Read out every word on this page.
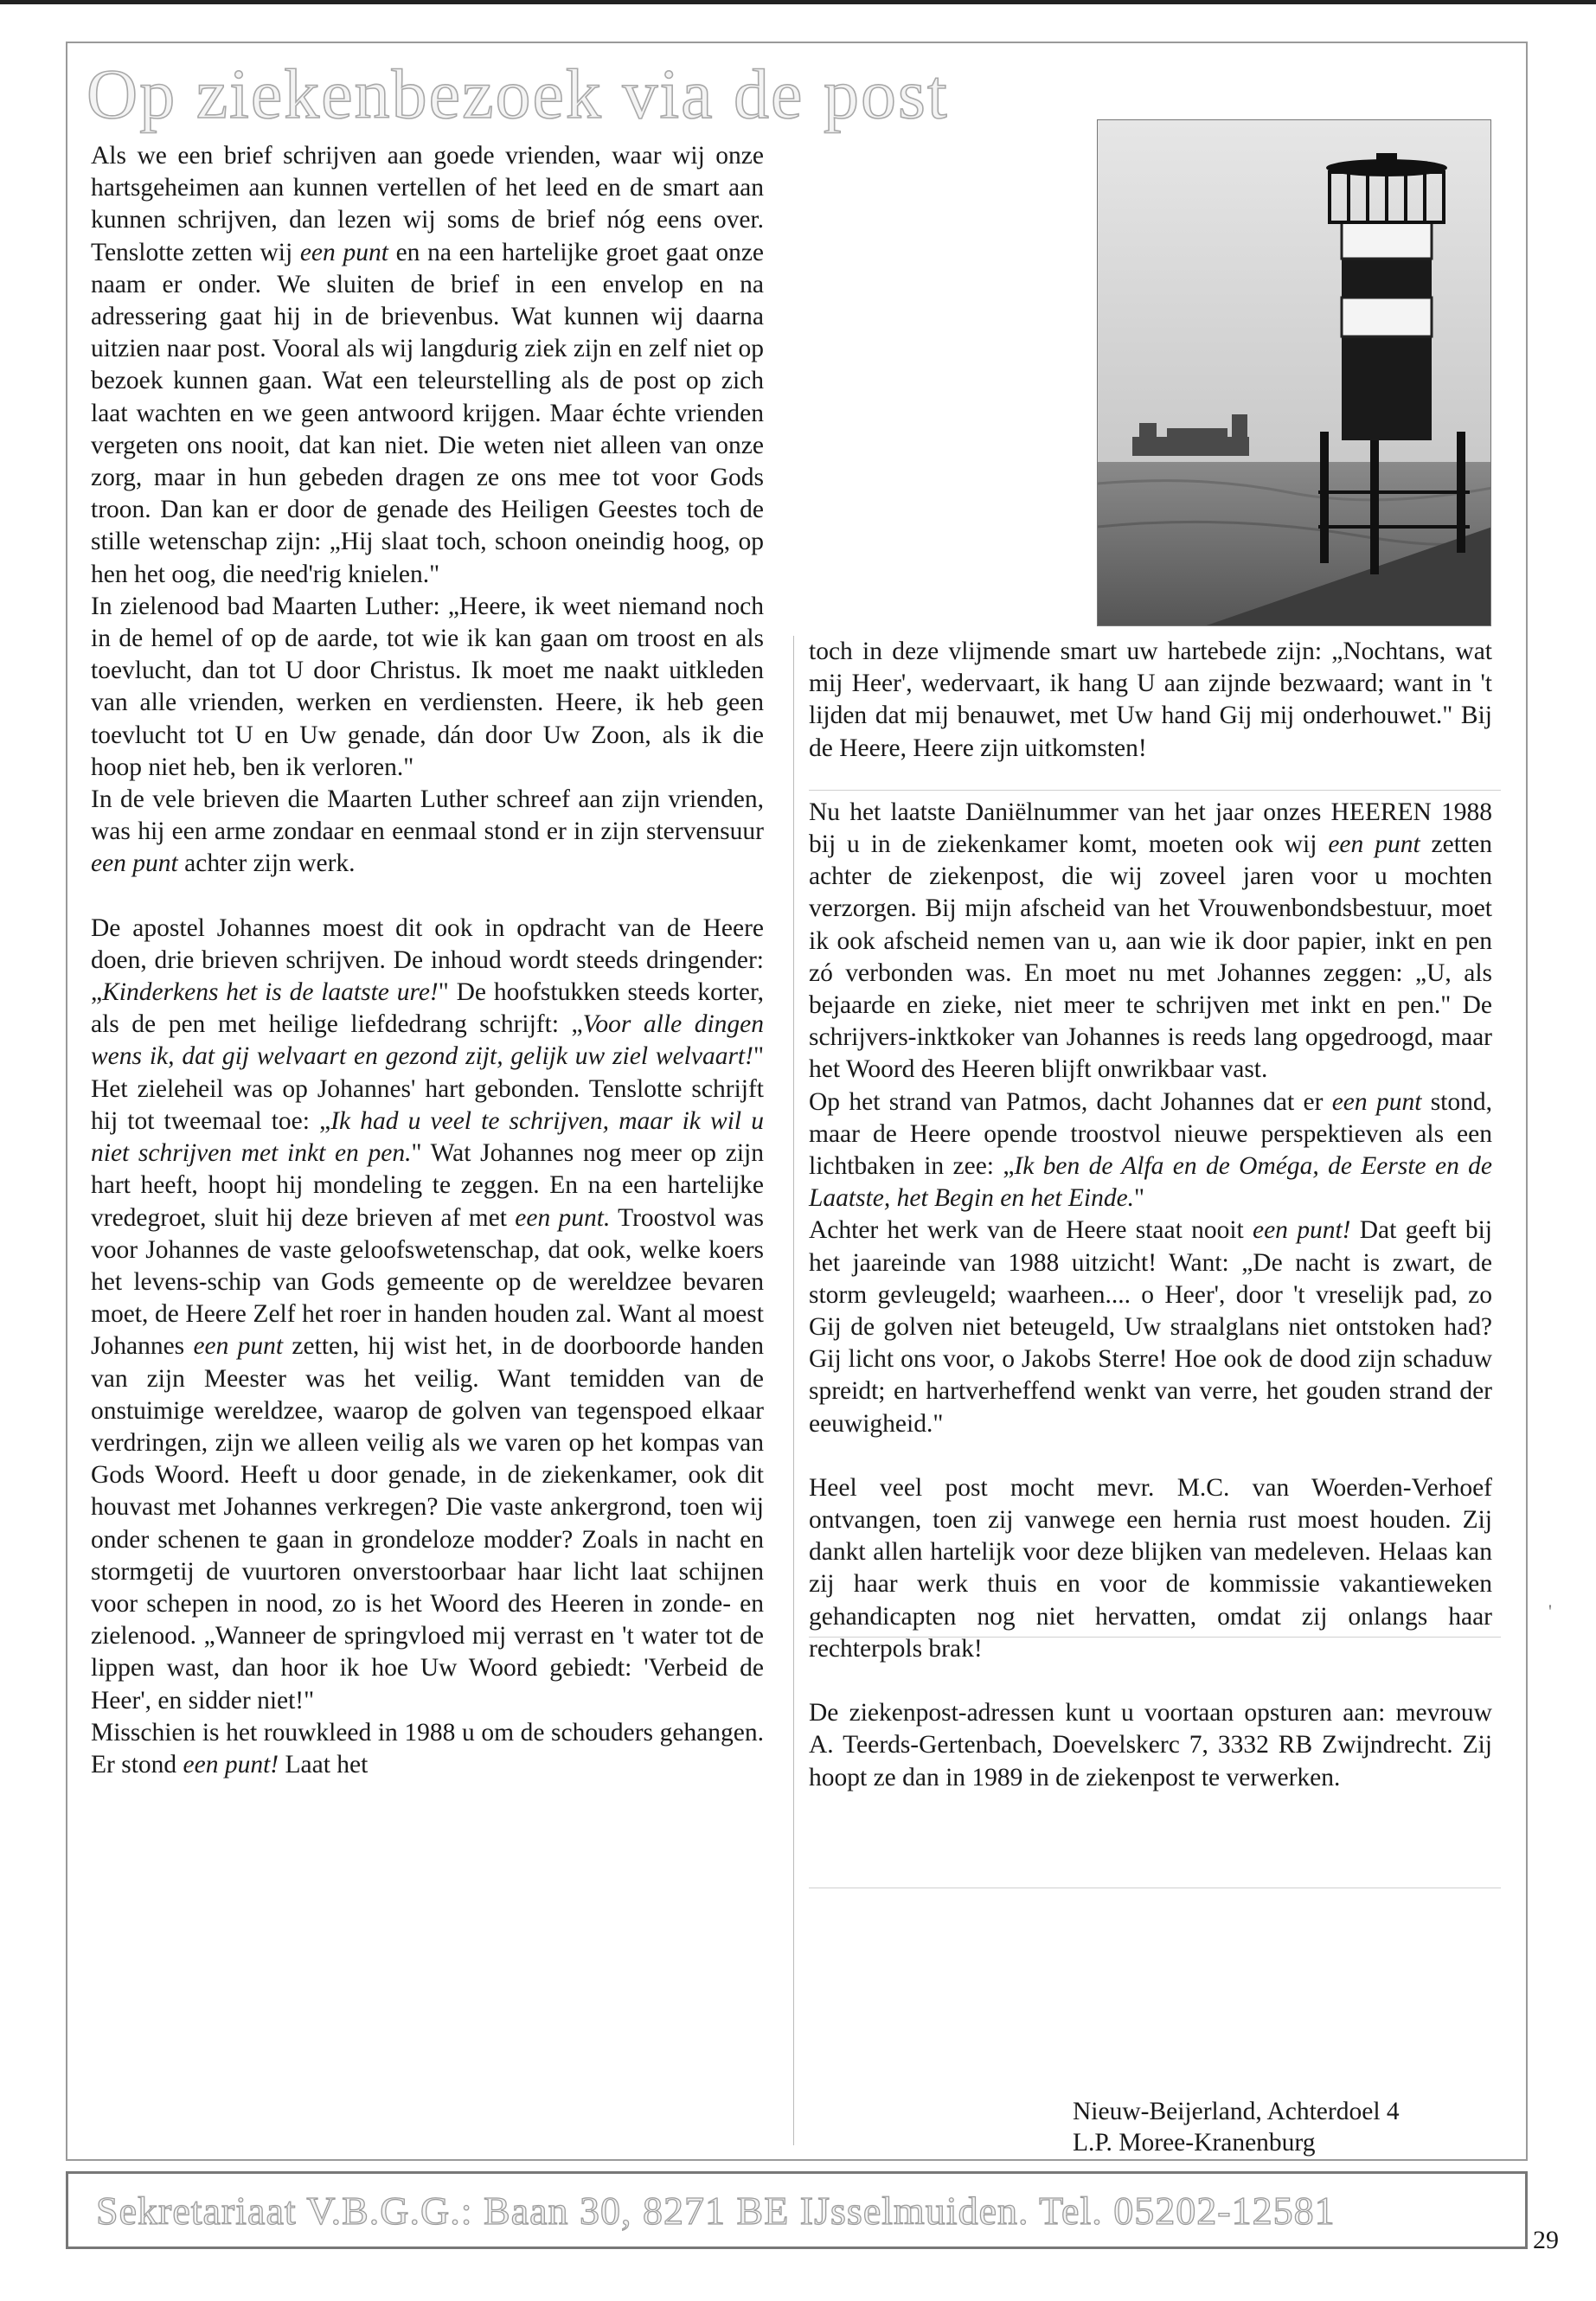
Op ziekenbezoek via de post

Als we een brief schrijven aan goede vrienden, waar wij onze hartsgeheimen aan kunnen vertellen of het leed en de smart aan kunnen schrijven, dan lezen wij soms de brief nóg eens over. Tenslotte zetten wij een punt en na een hartelijke groet gaat onze naam er onder. We sluiten de brief in een envelop en na adressering gaat hij in de brievenbus. Wat kunnen wij daarna uitzien naar post. Vooral als wij langdurig ziek zijn en zelf niet op bezoek kunnen gaan. Wat een teleurstelling als de post op zich laat wachten en we geen antwoord krijgen. Maar échte vrienden vergeten ons nooit, dat kan niet. Die weten niet alleen van onze zorg, maar in hun gebeden dragen ze ons mee tot voor Gods troon. Dan kan er door de genade des Heiligen Geestes toch de stille wetenschap zijn: „Hij slaat toch, schoon oneindig hoog, op hen het oog, die need'rig knielen."

In zielenood bad Maarten Luther: „Heere, ik weet niemand noch in de hemel of op de aarde, tot wie ik kan gaan om troost en als toevlucht, dan tot U door Christus. Ik moet me naakt uitkleden van alle vrienden, werken en verdiensten. Heere, ik heb geen toevlucht tot U en Uw genade, dán door Uw Zoon, als ik die hoop niet heb, ben ik verloren."

In de vele brieven die Maarten Luther schreef aan zijn vrienden, was hij een arme zondaar en eenmaal stond er in zijn stervensuur een punt achter zijn werk.

De apostel Johannes moest dit ook in opdracht van de Heere doen, drie brieven schrijven. De inhoud wordt steeds dringender: „Kinderkens het is de laatste ure!" De hoofstukken steeds korter, als de pen met heilige liefdedrang schrijft: „Voor alle dingen wens ik, dat gij welvaart en gezond zijt, gelijk uw ziel welvaart!" Het zieleheil was op Johannes' hart gebonden. Tenslotte schrijft hij tot tweemaal toe: „Ik had u veel te schrijven, maar ik wil u niet schrijven met inkt en pen." Wat Johannes nog meer op zijn hart heeft, hoopt hij mondeling te zeggen. En na een hartelijke vredegroet, sluit hij deze brieven af met een punt. Troostvol was voor Johannes de vaste geloofswetenschap, dat ook, welke koers het levens-schip van Gods gemeente op de wereldzee bevaren moet, de Heere Zelf het roer in handen houden zal. Want al moest Johannes een punt zetten, hij wist het, in de doorboorde handen van zijn Meester was het veilig. Want temidden van de onstuimige wereldzee, waarop de golven van tegenspoed elkaar verdringen, zijn we alleen veilig als we varen op het kompas van Gods Woord. Heeft u door genade, in de ziekenkamer, ook dit houvast met Johannes verkregen? Die vaste ankergrond, toen wij onder schenen te gaan in grondeloze modder? Zoals in nacht en stormgetij de vuurtoren onverstoorbaar haar licht laat schijnen voor schepen in nood, zo is het Woord des Heeren in zonde- en zielenood. „Wanneer de springvloed mij verrast en 't water tot de lippen wast, dan hoor ik hoe Uw Woord gebiedt: 'Verbeid de Heer', en sidder niet!"

Misschien is het rouwkleed in 1988 u om de schouders gehangen. Er stond een punt! Laat het

toch in deze vlijmende smart uw hartebede zijn: „Nochtans, wat mij Heer', wedervaart, ik hang U aan zijnde bezwaard; want in 't lijden dat mij benauwet, met Uw hand Gij mij onderhouwet." Bij de Heere, Heere zijn uitkomsten!

Nu het laatste Daniëlnummer van het jaar onzes HEEREN 1988 bij u in de ziekenkamer komt, moeten ook wij een punt zetten achter de ziekenpost, die wij zoveel jaren voor u mochten verzorgen. Bij mijn afscheid van het Vrouwenbondsbestuur, moet ik ook afscheid nemen van u, aan wie ik door papier, inkt en pen zó verbonden was. En moet nu met Johannes zeggen: „U, als bejaarde en zieke, niet meer te schrijven met inkt en pen." De schrijvers-inktkoker van Johannes is reeds lang opgedroogd, maar het Woord des Heeren blijft onwrikbaar vast.

Op het strand van Patmos, dacht Johannes dat er een punt stond, maar de Heere opende troostvol nieuwe perspektieven als een lichtbaken in zee: „Ik ben de Alfa en de Oméga, de Eerste en de Laatste, het Begin en het Einde."

Achter het werk van de Heere staat nooit een punt! Dat geeft bij het jaareinde van 1988 uitzicht! Want: „De nacht is zwart, de storm gevleugeld; waarheen.... o Heer', door 't vreselijk pad, zo Gij de golven niet beteugeld, Uw straalglans niet ontstoken had? Gij licht ons voor, o Jakobs Sterre! Hoe ook de dood zijn schaduw spreidt; en hartverheffend wenkt van verre, het gouden strand der eeuwigheid."

Heel veel post mocht mevr. M.C. van Woerden-Verhoef ontvangen, toen zij vanwege een hernia rust moest houden. Zij dankt allen hartelijk voor deze blijken van medeleven. Helaas kan zij haar werk thuis en voor de kommissie vakantieweken gehandicapten nog niet hervatten, omdat zij onlangs haar rechterpols brak!

De ziekenpost-adressen kunt u voortaan opsturen aan: mevrouw A. Teerds-Gertenbach, Doevelskerc 7, 3332 RB Zwijndrecht. Zij hoopt ze dan in 1989 in de ziekenpost te verwerken.

Nieuw-Beijerland, Achterdoel 4
L.P. Moree-Kranenburg
Sekretariaat V.B.G.G.: Baan 30, 8271 BE IJsselmuiden. Tel. 05202-12581
29
'
